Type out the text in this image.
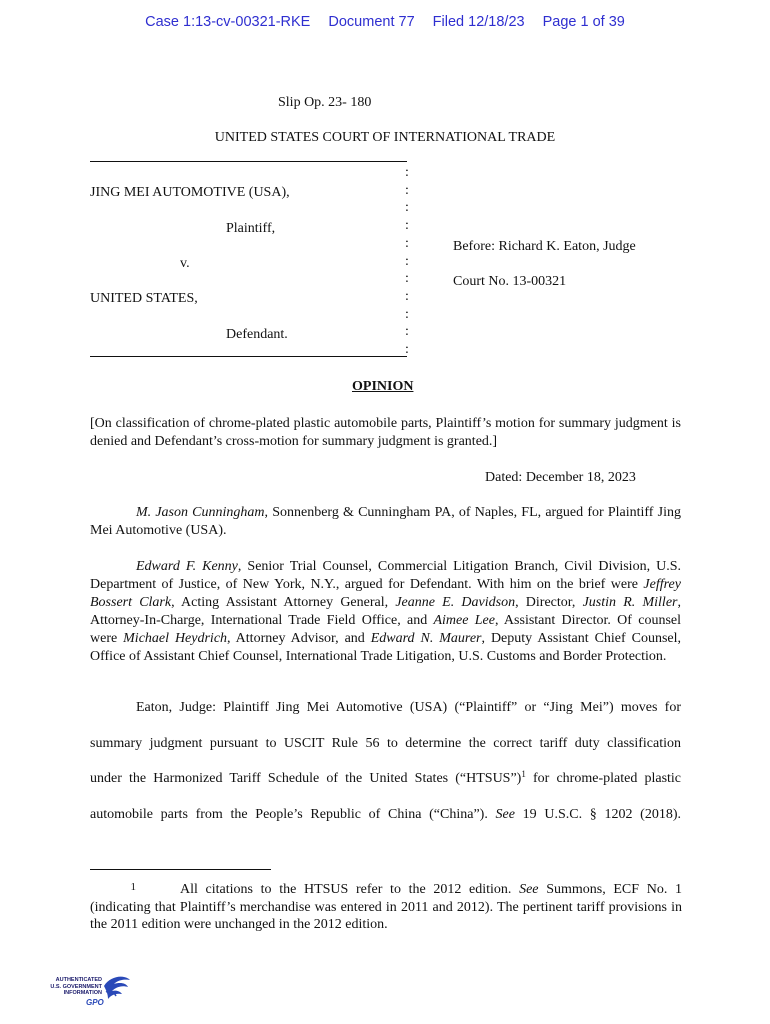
Case 1:13-cv-00321-RKE Document 77 Filed 12/18/23 Page 1 of 39
Slip Op. 23- 180
UNITED STATES COURT OF INTERNATIONAL TRADE
JING MEI AUTOMOTIVE (USA),
Plaintiff,
v.
UNITED STATES,
Defendant.
:
:
:
:
:
:
:
:
:
:
:
Before: Richard K. Eaton, Judge
Court No. 13-00321
OPINION
[On classification of chrome-plated plastic automobile parts, Plaintiff’s motion for summary judgment is denied and Defendant’s cross-motion for summary judgment is granted.]
Dated: December 18, 2023
M. Jason Cunningham, Sonnenberg & Cunningham PA, of Naples, FL, argued for Plaintiff Jing Mei Automotive (USA).
Edward F. Kenny, Senior Trial Counsel, Commercial Litigation Branch, Civil Division, U.S. Department of Justice, of New York, N.Y., argued for Defendant. With him on the brief were Jeffrey Bossert Clark, Acting Assistant Attorney General, Jeanne E. Davidson, Director, Justin R. Miller, Attorney-In-Charge, International Trade Field Office, and Aimee Lee, Assistant Director. Of counsel were Michael Heydrich, Attorney Advisor, and Edward N. Maurer, Deputy Assistant Chief Counsel, Office of Assistant Chief Counsel, International Trade Litigation, U.S. Customs and Border Protection.
Eaton, Judge: Plaintiff Jing Mei Automotive (USA) (“Plaintiff” or “Jing Mei”) moves for
summary judgment pursuant to USCIT Rule 56 to determine the correct tariff duty classification
under the Harmonized Tariff Schedule of the United States (“HTSUS”)$^1$ for chrome-plated plastic
automobile parts from the People’s Republic of China (“China”). See 19 U.S.C. § 1202 (2018).
1	All citations to the HTSUS refer to the 2012 edition. See Summons, ECF No. 1 (indicating that Plaintiff’s merchandise was entered in 2011 and 2012). The pertinent tariff provisions in the 2011 edition were unchanged in the 2012 edition.
AUTHENTICATED
U.S. GOVERNMENT
INFORMATION
GPO
